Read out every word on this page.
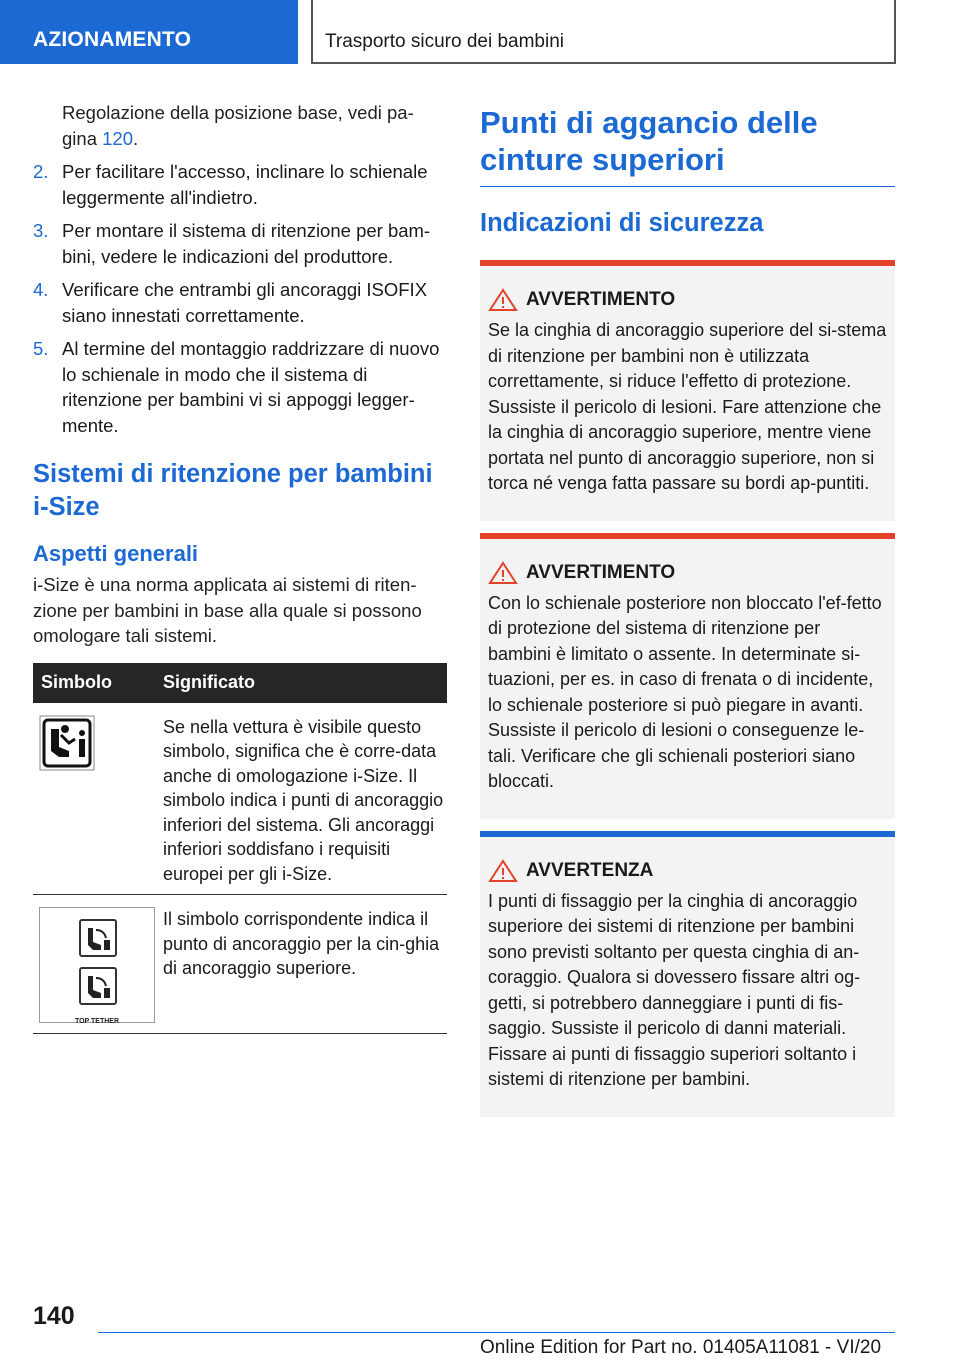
AZIONAMENTO	Trasporto sicuro dei bambini
Regolazione della posizione base, vedi pa-gina 120.
2. Per facilitare l'accesso, inclinare lo schienale leggermente all'indietro.
3. Per montare il sistema di ritenzione per bam-bini, vedere le indicazioni del produttore.
4. Verificare che entrambi gli ancoraggi ISOFIX siano innestati correttamente.
5. Al termine del montaggio raddrizzare di nuovo lo schienale in modo che il sistema di ritenzione per bambini vi si appoggi legger-mente.
Sistemi di ritenzione per bambini i-Size
Aspetti generali
i-Size è una norma applicata ai sistemi di riten-zione per bambini in base alla quale si possono omologare tali sistemi.
Simbolo	Significato
	Se nella vettura è visibile questo simbolo, significa che è corre-data anche di omologazione i-Size. Il simbolo indica i punti di ancoraggio inferiori del sistema. Gli ancoraggi inferiori soddisfano i requisiti europei per gli i-Size.

TOP TETHER	Il simbolo corrispondente indica il punto di ancoraggio per la cin-ghia di ancoraggio superiore.
Punti di aggancio delle cinture superiori
Indicazioni di sicurezza
AVVERTIMENTO
Se la cinghia di ancoraggio superiore del si-stema di ritenzione per bambini non è utilizzata correttamente, si riduce l'effetto di protezione. Sussiste il pericolo di lesioni. Fare attenzione che la cinghia di ancoraggio superiore, mentre viene portata nel punto di ancoraggio superiore, non si torca né venga fatta passare su bordi ap-puntiti.
AVVERTIMENTO
Con lo schienale posteriore non bloccato l'ef-fetto di protezione del sistema di ritenzione per bambini è limitato o assente. In determinate si-tuazioni, per es. in caso di frenata o di incidente, lo schienale posteriore si può piegare in avanti. Sussiste il pericolo di lesioni o conseguenze le-tali. Verificare che gli schienali posteriori siano bloccati.
AVVERTENZA
I punti di fissaggio per la cinghia di ancoraggio superiore dei sistemi di ritenzione per bambini sono previsti soltanto per questa cinghia di an-coraggio. Qualora si dovessero fissare altri og-getti, si potrebbero danneggiare i punti di fis-saggio. Sussiste il pericolo di danni materiali. Fissare ai punti di fissaggio superiori soltanto i sistemi di ritenzione per bambini.
140
Online Edition for Part no. 01405A11081 - VI/20
